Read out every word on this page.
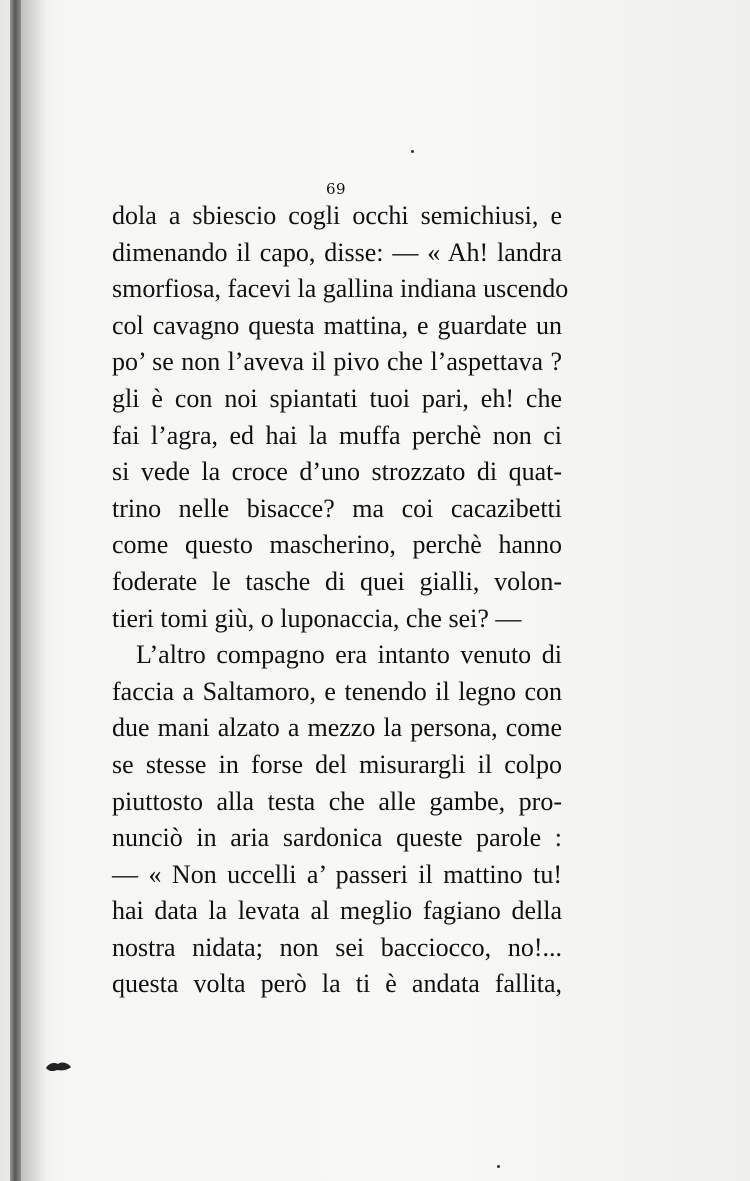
69
dola a sbiescio cogli occhi semichiusi, e
dimenando il capo, disse: — « Ah! landra
smorfiosa, facevi la gallina indiana uscendo
col cavagno questa mattina, e guardate un
po’ se non l’aveva il pivo che l’aspettava ?
gli è con noi spiantati tuoi pari, eh! che
fai l’agra, ed hai la muffa perchè non ci
si vede la croce d’uno strozzato di quat-
trino nelle bisacce? ma coi cacazibetti
come questo mascherino, perchè hanno
foderate le tasche di quei gialli, volon-
tieri tomi giù, o luponaccia, che sei? —
L’altro compagno era intanto venuto di
faccia a Saltamoro, e tenendo il legno con
due mani alzato a mezzo la persona, come
se stesse in forse del misurargli il colpo
piuttosto alla testa che alle gambe, pro-
nunciò in aria sardonica queste parole :
— « Non uccelli a’ passeri il mattino tu!
hai data la levata al meglio fagiano della
nostra nidata; non sei bacciocco, no!...
questa volta però la ti è andata fallita,
